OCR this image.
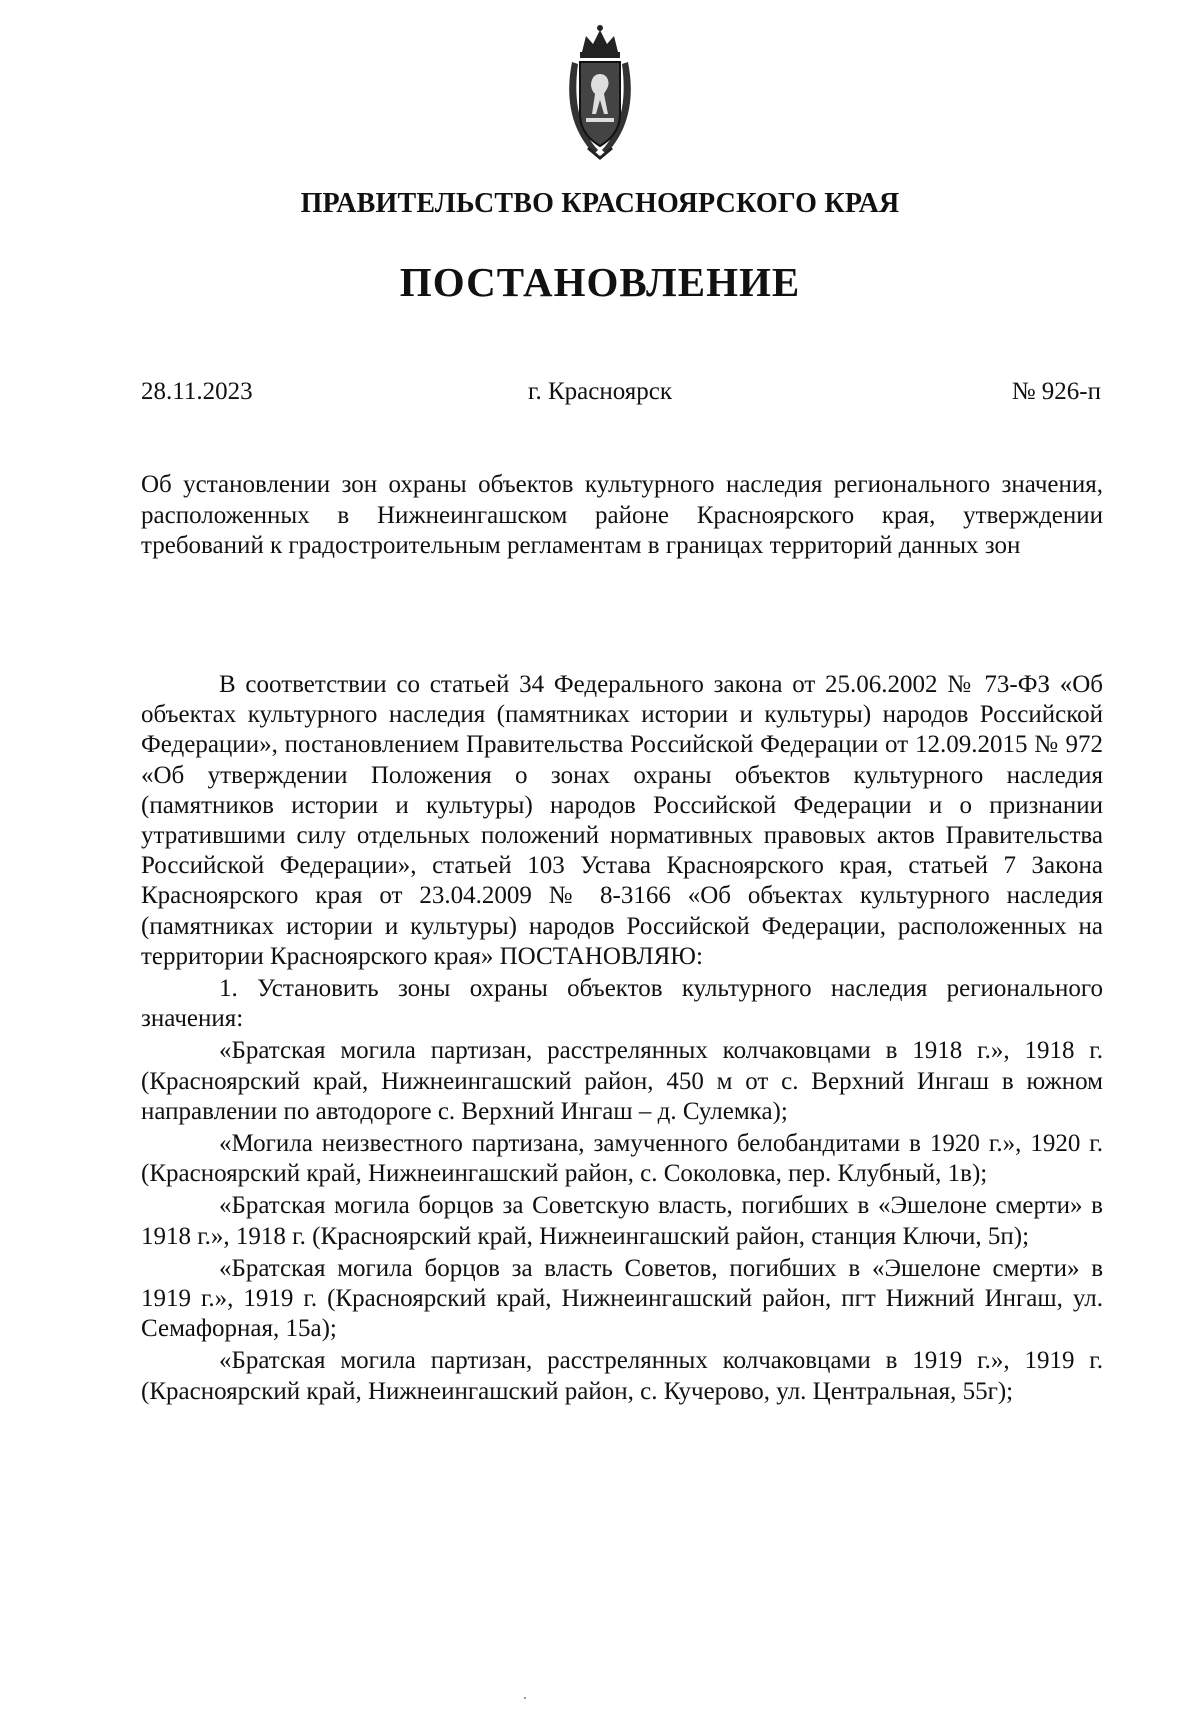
ПРАВИТЕЛЬСТВО КРАСНОЯРСКОГО КРАЯ
ПОСТАНОВЛЕНИЕ
г. Красноярск
28.11.2023	№ 926-п
Об установлении зон охраны объектов культурного наследия регионального значения, расположенных в Нижнеингашском районе Красноярского края, утверждении требований к градостроительным регламентам в границах территорий данных зон

В соответствии со статьей 34 Федерального закона от 25.06.2002 № 73-ФЗ «Об объектах культурного наследия (памятниках истории и культуры) народов Российской Федерации», постановлением Правительства Российской Федерации от 12.09.2015 № 972 «Об утверждении Положения о зонах охраны объектов культурного наследия (памятников истории и культуры) народов Российской Федерации и о признании утратившими силу отдельных положений нормативных правовых актов Правительства Российской Федерации», статьей 103 Устава Красноярского края, статьей 7 Закона Красноярского края от 23.04.2009 № 8-3166 «Об объектах культурного наследия (памятниках истории и культуры) народов Российской Федерации, расположенных на территории Красноярского края» ПОСТАНОВЛЯЮ:

1. Установить зоны охраны объектов культурного наследия регионального значения:

«Братская могила партизан, расстрелянных колчаковцами в 1918 г.», 1918 г. (Красноярский край, Нижнеингашский район, 450 м от с. Верхний Ингаш в южном направлении по автодороге с. Верхний Ингаш – д. Сулемка);

«Могила неизвестного партизана, замученного белобандитами в 1920 г.», 1920 г. (Красноярский край, Нижнеингашский район, с. Соколовка, пер. Клубный, 1в);

«Братская могила борцов за Советскую власть, погибших в «Эшелоне смерти» в 1918 г.», 1918 г. (Красноярский край, Нижнеингашский район, станция Ключи, 5п);

«Братская могила борцов за власть Советов, погибших в «Эшелоне смерти» в 1919 г.», 1919 г. (Красноярский край, Нижнеингашский район, пгт Нижний Ингаш, ул. Семафорная, 15а);

«Братская могила партизан, расстрелянных колчаковцами в 1919 г.», 1919 г. (Красноярский край, Нижнеингашский район, с. Кучерово, ул. Центральная, 55г);
